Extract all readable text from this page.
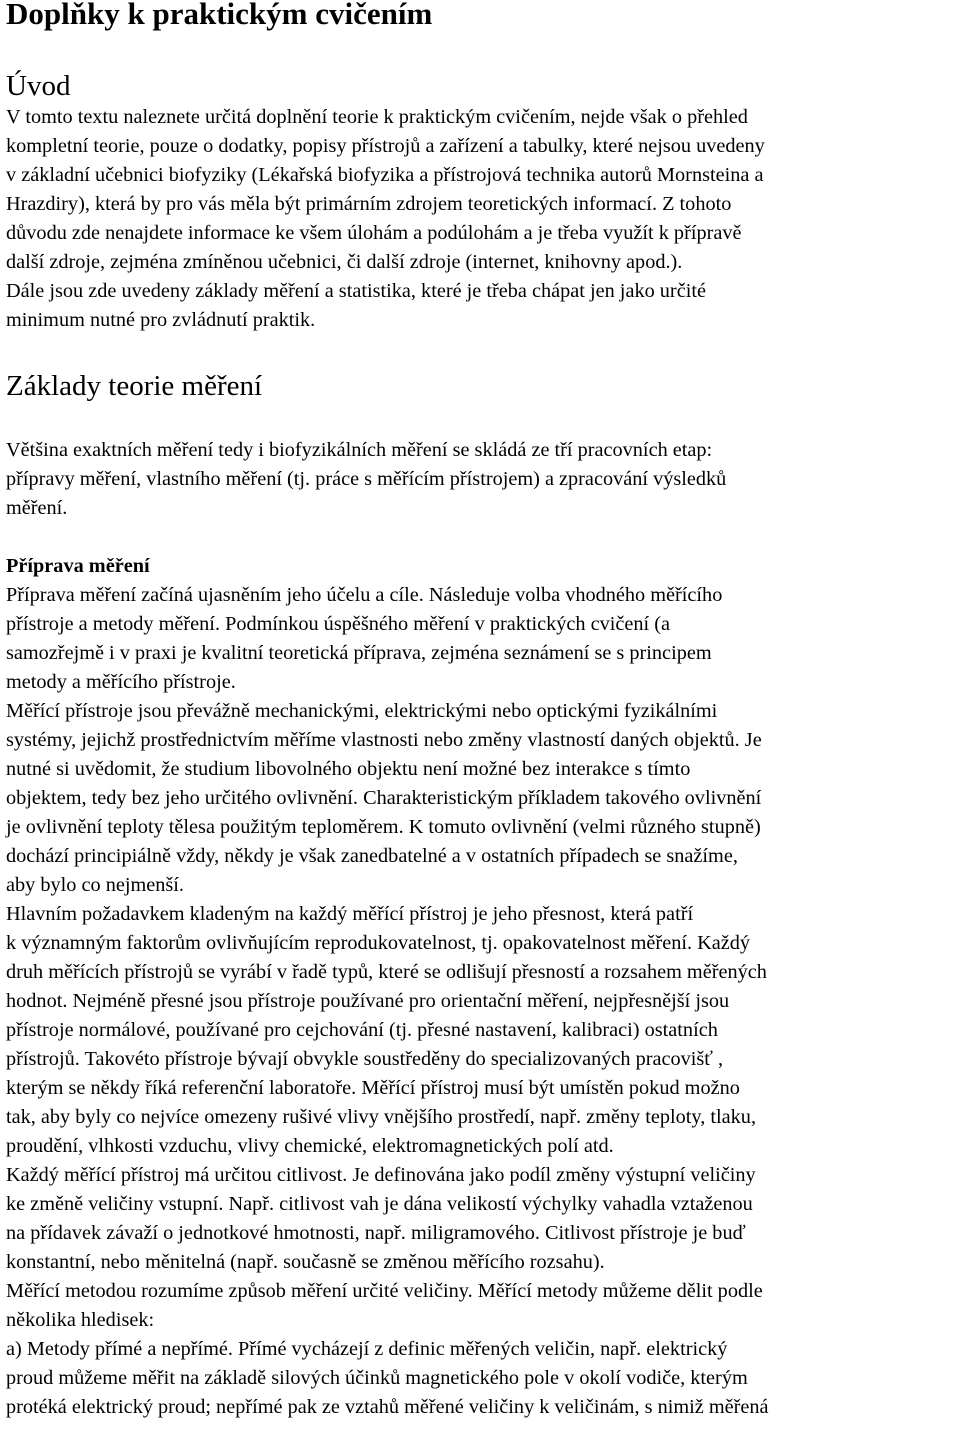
Doplňky k praktickým cvičením
Úvod
V tomto textu naleznete určitá doplnění teorie k praktickým cvičením, nejde však o přehled
kompletní teorie, pouze o dodatky, popisy přístrojů a zařízení a tabulky, které nejsou uvedeny
v základní učebnici biofyziky (Lékařská biofyzika a přístrojová technika autorů Mornsteina a
Hrazdiry), která by pro vás měla být primárním zdrojem teoretických informací. Z tohoto
důvodu zde nenajdete informace ke všem úlohám a podúlohám a je třeba využít k přípravě
další zdroje, zejména zmíněnou učebnici, či další zdroje (internet, knihovny apod.).
Dále jsou zde uvedeny základy měření a statistika, které je třeba chápat jen jako určité
minimum nutné pro zvládnutí praktik.
Základy teorie měření
Většina exaktních měření tedy i biofyzikálních měření se skládá ze tří pracovních etap:
přípravy měření, vlastního měření (tj. práce s měřícím přístrojem) a zpracování výsledků
měření.
Příprava měření
Příprava měření začíná ujasněním jeho účelu a cíle. Následuje volba vhodného měřícího
přístroje a metody měření. Podmínkou úspěšného měření v praktických cvičení (a
samozřejmě i v praxi je kvalitní teoretická příprava, zejména seznámení se s principem
metody a měřícího přístroje.
Měřící přístroje jsou převážně mechanickými, elektrickými nebo optickými fyzikálními
systémy, jejichž prostřednictvím měříme vlastnosti nebo změny vlastností daných objektů. Je
nutné si uvědomit, že studium libovolného objektu není možné bez interakce s tímto
objektem, tedy bez jeho určitého ovlivnění. Charakteristickým příkladem takového ovlivnění
je ovlivnění teploty tělesa použitým teploměrem. K tomuto ovlivnění (velmi různého stupně)
dochází principiálně vždy, někdy je však zanedbatelné a v ostatních případech se snažíme,
aby bylo co nejmenší.
Hlavním požadavkem kladeným na každý měřící přístroj je jeho přesnost, která patří
k významným faktorům ovlivňujícím reprodukovatelnost, tj. opakovatelnost měření. Každý
druh měřících přístrojů se vyrábí v řadě typů, které se odlišují přesností a rozsahem měřených
hodnot. Nejméně přesné jsou přístroje používané pro orientační měření, nejpřesnější jsou
přístroje normálové, používané pro cejchování (tj. přesné nastavení, kalibraci) ostatních
přístrojů. Takovéto přístroje bývají obvykle soustředěny do specializovaných pracovišť ,
kterým se někdy říká referenční laboratoře. Měřící přístroj musí být umístěn pokud možno
tak, aby byly co nejvíce omezeny rušivé vlivy vnějšího prostředí, např. změny teploty, tlaku,
proudění, vlhkosti vzduchu, vlivy chemické, elektromagnetických polí atd.
Každý měřící přístroj má určitou citlivost. Je definována jako podíl změny výstupní veličiny
ke změně veličiny vstupní. Např. citlivost vah je dána velikostí výchylky vahadla vztaženou
na přídavek závaží o jednotkové hmotnosti, např. miligramového. Citlivost přístroje je buď
konstantní, nebo měnitelná (např. současně se změnou měřícího rozsahu).
Měřící metodou rozumíme způsob měření určité veličiny. Měřící metody můžeme dělit podle
několika hledisek:
a) Metody přímé a nepřímé. Přímé vycházejí z definic měřených veličin, např. elektrický
proud můžeme měřit na základě silových účinků magnetického pole v okolí vodiče, kterým
protéká elektrický proud; nepřímé pak ze vztahů měřené veličiny k veličinám, s nimiž měřená
